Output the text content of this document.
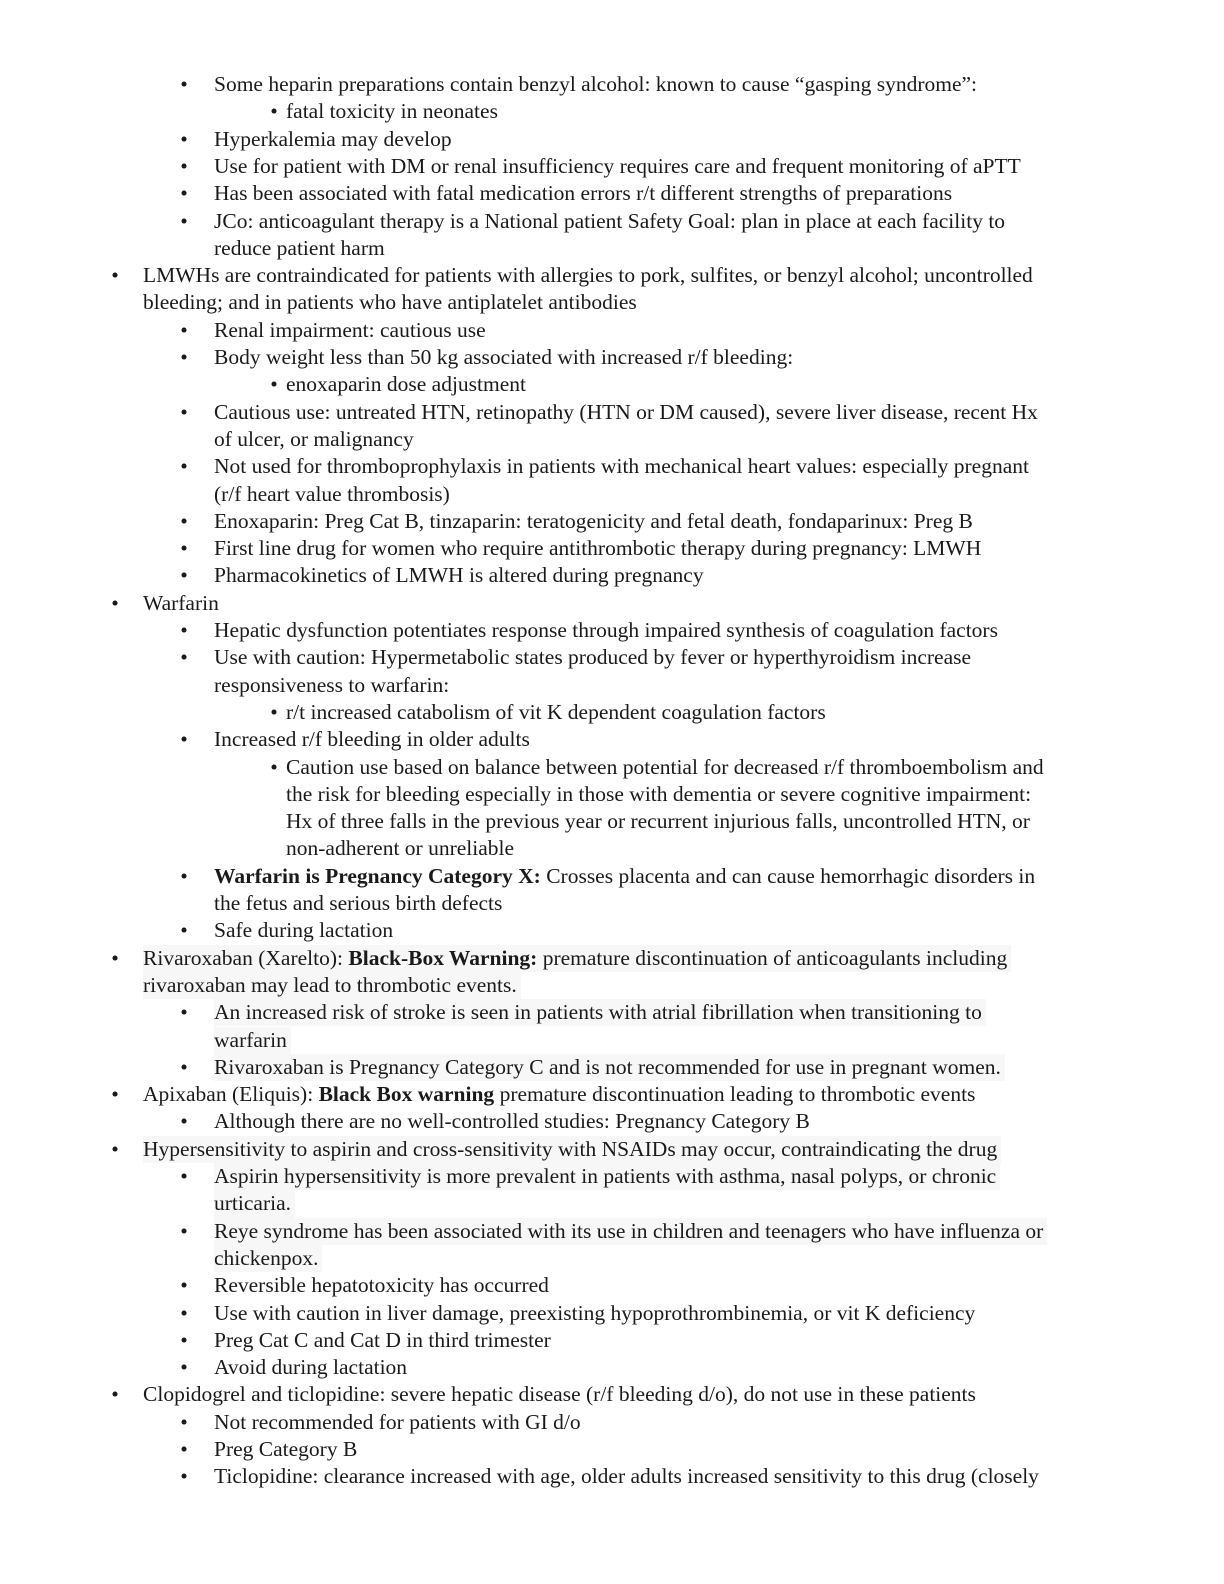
• Some heparin preparations contain benzyl alcohol: known to cause “gasping syndrome”:

• fatal toxicity in neonates

• Hyperkalemia may develop

• Use for patient with DM or renal insufficiency requires care and frequent monitoring of aPTT

• Has been associated with fatal medication errors r/t different strengths of preparations

• JCo: anticoagulant therapy is a National patient Safety Goal: plan in place at each facility to

reduce patient harm

• LMWHs are contraindicated for patients with allergies to pork, sulfites, or benzyl alcohol; uncontrolled

bleeding; and in patients who have antiplatelet antibodies

• Renal impairment: cautious use

• Body weight less than 50 kg associated with increased r/f bleeding:

• enoxaparin dose adjustment

• Cautious use: untreated HTN, retinopathy (HTN or DM caused), severe liver disease, recent Hx

of ulcer, or malignancy

• Not used for thromboprophylaxis in patients with mechanical heart values: especially pregnant

(r/f heart value thrombosis)

• Enoxaparin: Preg Cat B, tinzaparin: teratogenicity and fetal death, fondaparinux: Preg B

• First line drug for women who require antithrombotic therapy during pregnancy: LMWH

• Pharmacokinetics of LMWH is altered during pregnancy

• Warfarin

• Hepatic dysfunction potentiates response through impaired synthesis of coagulation factors

• Use with caution: Hypermetabolic states produced by fever or hyperthyroidism increase

responsiveness to warfarin:

• r/t increased catabolism of vit K dependent coagulation factors

• Increased r/f bleeding in older adults

• Caution use based on balance between potential for decreased r/f thromboembolism and

the risk for bleeding especially in those with dementia or severe cognitive impairment:

Hx of three falls in the previous year or recurrent injurious falls, uncontrolled HTN, or

non-adherent or unreliable

• Warfarin is Pregnancy Category X: Crosses placenta and can cause hemorrhagic disorders in

the fetus and serious birth defects

• Safe during lactation

• Rivaroxaban (Xarelto): Black-Box Warning: premature discontinuation of anticoagulants including

rivaroxaban may lead to thrombotic events.

• An increased risk of stroke is seen in patients with atrial fibrillation when transitioning to

warfarin

• Rivaroxaban is Pregnancy Category C and is not recommended for use in pregnant women.

• Apixaban (Eliquis): Black Box warning premature discontinuation leading to thrombotic events

• Although there are no well-controlled studies: Pregnancy Category B

• Hypersensitivity to aspirin and cross-sensitivity with NSAIDs may occur, contraindicating the drug

• Aspirin hypersensitivity is more prevalent in patients with asthma, nasal polyps, or chronic

urticaria.

• Reye syndrome has been associated with its use in children and teenagers who have influenza or

chickenpox.

• Reversible hepatotoxicity has occurred

• Use with caution in liver damage, preexisting hypoprothrombinemia, or vit K deficiency

• Preg Cat C and Cat D in third trimester

• Avoid during lactation

• Clopidogrel and ticlopidine: severe hepatic disease (r/f bleeding d/o), do not use in these patients

• Not recommended for patients with GI d/o

• Preg Category B

• Ticlopidine: clearance increased with age, older adults increased sensitivity to this drug (closely
